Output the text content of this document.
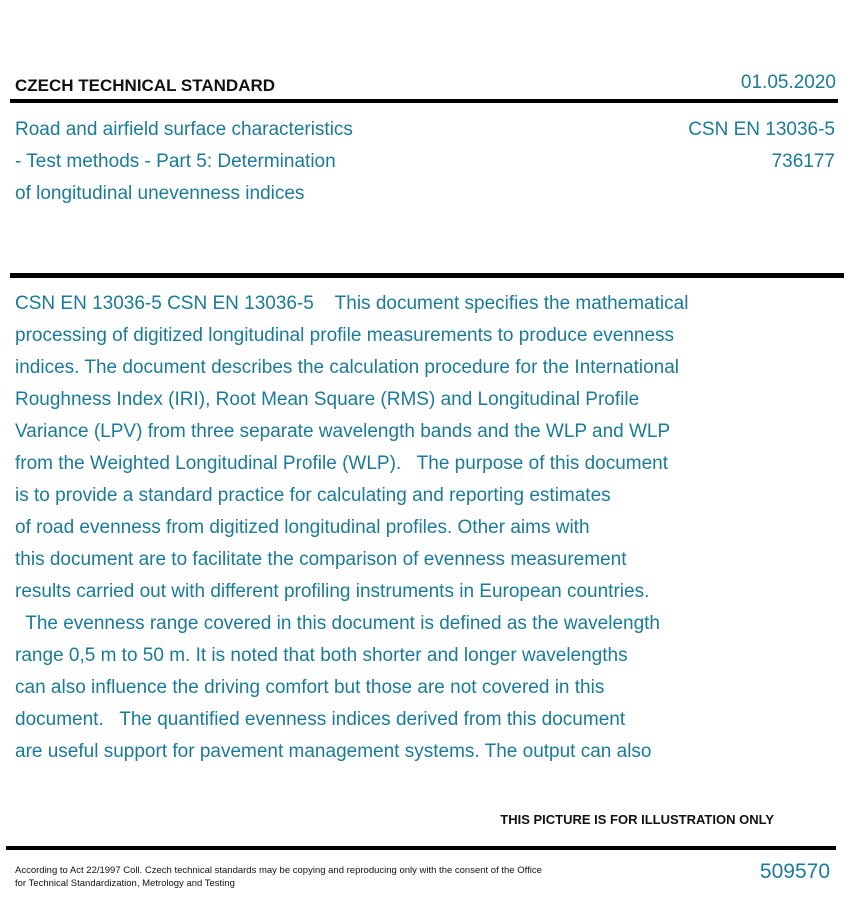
CZECH TECHNICAL STANDARD	01.05.2020
Road and airfield surface characteristics
- Test methods - Part 5: Determination
of longitudinal unevenness indices
CSN EN 13036-5
736177
CSN EN 13036-5 CSN EN 13036-5    This document specifies the mathematical
processing of digitized longitudinal profile measurements to produce evenness
indices. The document describes the calculation procedure for the International
Roughness Index (IRI), Root Mean Square (RMS) and Longitudinal Profile
Variance (LPV) from three separate wavelength bands and the WLP and WLP
from the Weighted Longitudinal Profile (WLP).   The purpose of this document
is to provide a standard practice for calculating and reporting estimates
of road evenness from digitized longitudinal profiles. Other aims with
this document are to facilitate the comparison of evenness measurement
results carried out with different profiling instruments in European countries.
The evenness range covered in this document is defined as the wavelength
range 0,5 m to 50 m. It is noted that both shorter and longer wavelengths
can also influence the driving comfort but those are not covered in this
document.   The quantified evenness indices derived from this document
are useful support for pavement management systems. The output can also
THIS PICTURE IS FOR ILLUSTRATION ONLY
According to Act 22/1997 Coll. Czech technical standards may be copying and reproducing only with the consent of the Office
for Technical Standardization, Metrology and Testing
509570
